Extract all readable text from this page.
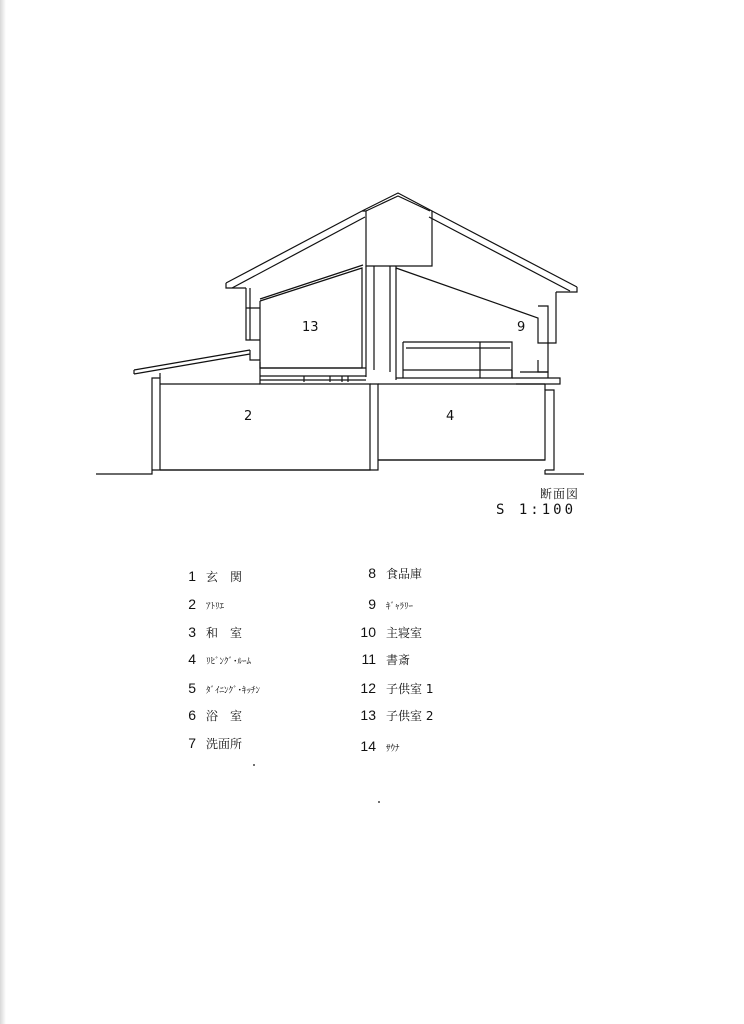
13	9
2	4
断面図
S 1:100
1 玄　関
2 ｱﾄﾘｴ
3 和　室
4 ﾘﾋﾞﾝｸﾞ･ﾙｰﾑ
5 ﾀﾞｲﾆﾝｸﾞ･ｷｯﾁﾝ
6 浴　室
7 洗面所
8 食品庫
9 ｷﾞｬﾗﾘｰ
10 主寝室
11 書斎
12 子供室 1
13 子供室 2
14 ｻｳﾅ
